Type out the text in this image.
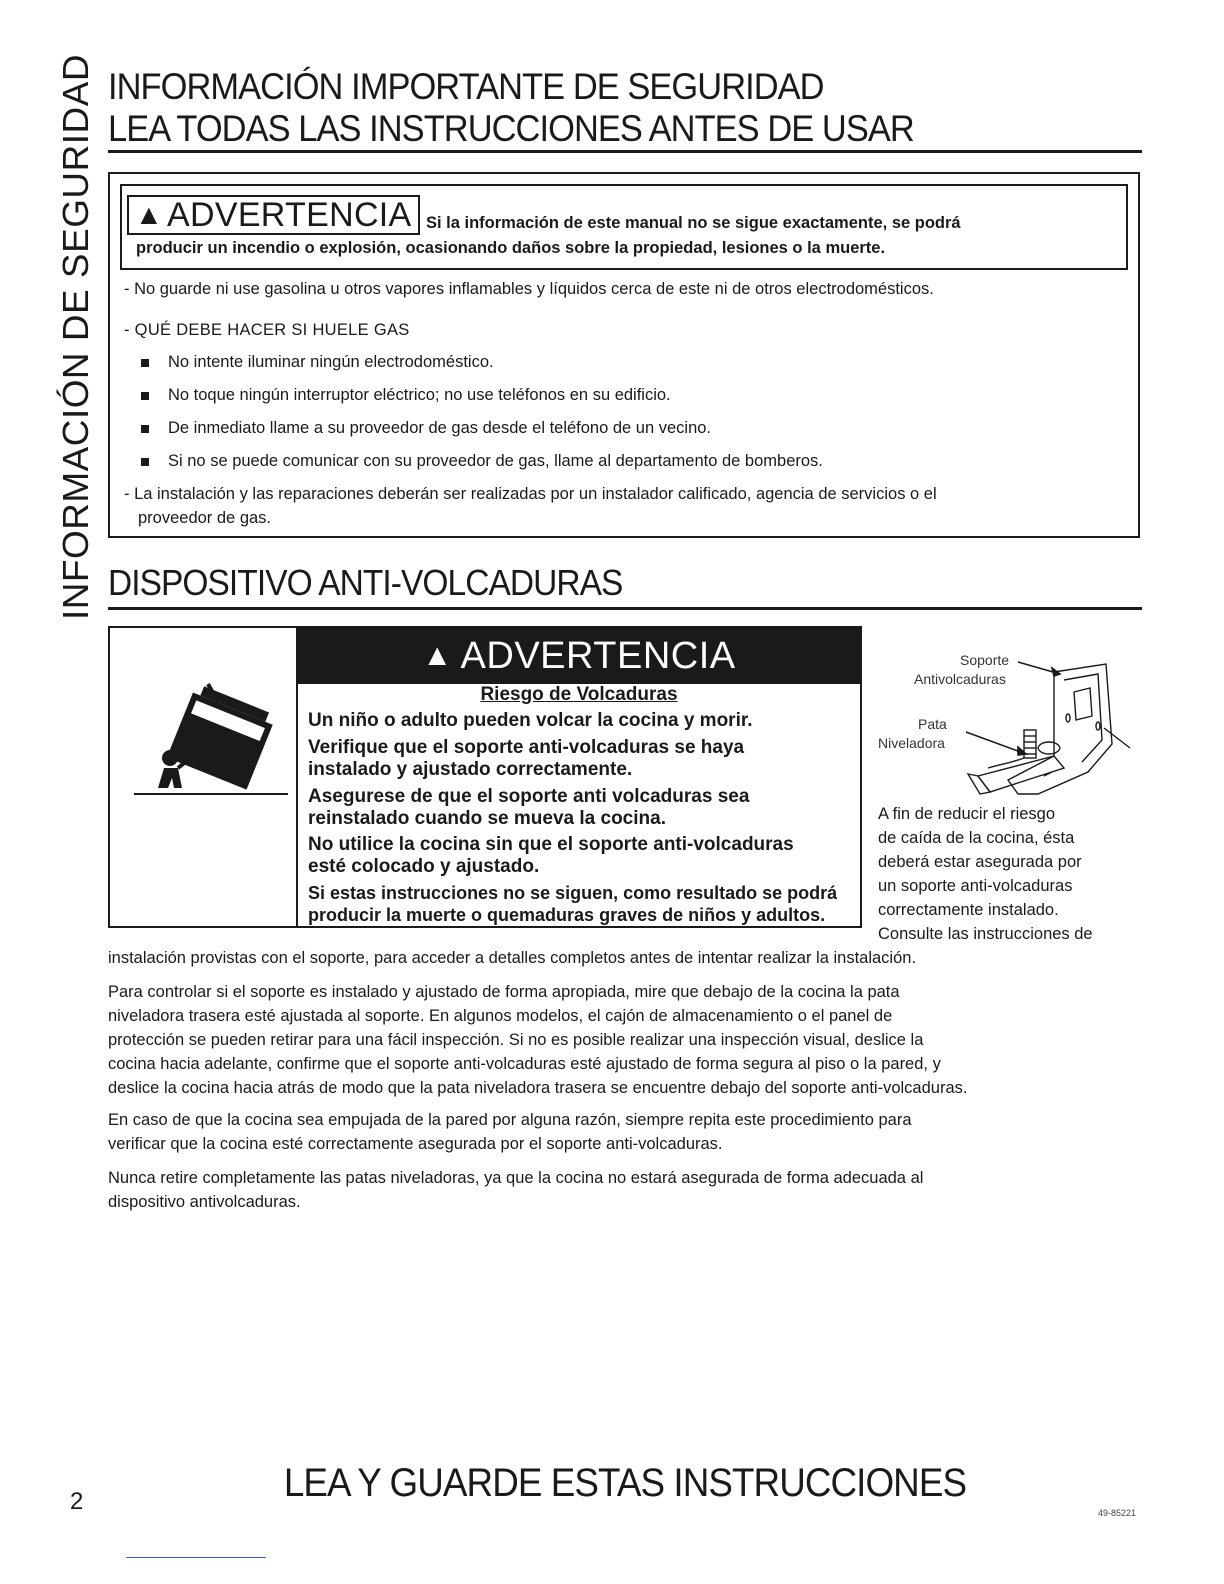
INFORMACIÓN DE SEGURIDAD INFORMACIÓN IMPORTANTE DE SEGURIDAD
LEA TODAS LAS INSTRUCCIONES ANTES DE USAR
▲ ADVERTENCIA Si la información de este manual no se sigue exactamente, se podrá
producir un incendio o explosión, ocasionando daños sobre la propiedad, lesiones o la muerte.
- No guarde ni use gasolina u otros vapores inflamables y líquidos cerca de este ni de otros electrodomésticos.
- QUÉ DEBE HACER SI HUELE GAS
No intente iluminar ningún electrodoméstico.
No toque ningún interruptor eléctrico; no use teléfonos en su edificio.
De inmediato llame a su proveedor de gas desde el teléfono de un vecino.
Si no se puede comunicar con su proveedor de gas, llame al departamento de bomberos.
- La instalación y las reparaciones deberán ser realizadas por un instalador calificado, agencia de servicios o el
proveedor de gas.
DISPOSITIVO ANTI-VOLCADURAS
▲ ADVERTENCIA
Riesgo de Volcaduras
Un niño o adulto pueden volcar la cocina y morir.
Verifique que el soporte anti-volcaduras se haya
instalado y ajustado correctamente.
Asegurese de que el soporte anti volcaduras sea
reinstalado cuando se mueva la cocina.
No utilice la cocina sin que el soporte anti-volcaduras
esté colocado y ajustado.
Si estas instrucciones no se siguen, como resultado se podrá
producir la muerte o quemaduras graves de niños y adultos.
Soporte
Antivolcaduras
Pata
Niveladora
A fin de reducir el riesgo
de caída de la cocina, ésta
deberá estar asegurada por
un soporte anti-volcaduras
correctamente instalado.
Consulte las instrucciones de
instalación provistas con el soporte, para acceder a detalles completos antes de intentar realizar la instalación.
Para controlar si el soporte es instalado y ajustado de forma apropiada, mire que debajo de la cocina la pata
niveladora trasera esté ajustada al soporte. En algunos modelos, el cajón de almacenamiento o el panel de
protección se pueden retirar para una fácil inspección. Si no es posible realizar una inspección visual, deslice la
cocina hacia adelante, confirme que el soporte anti-volcaduras esté ajustado de forma segura al piso o la pared, y
deslice la cocina hacia atrás de modo que la pata niveladora trasera se encuentre debajo del soporte anti-volcaduras.
En caso de que la cocina sea empujada de la pared por alguna razón, siempre repita este procedimiento para
verificar que la cocina esté correctamente asegurada por el soporte anti-volcaduras.
Nunca retire completamente las patas niveladoras, ya que la cocina no estará asegurada de forma adecuada al
dispositivo antivolcaduras.
LEA Y GUARDE ESTAS INSTRUCCIONES
2	49-85221
